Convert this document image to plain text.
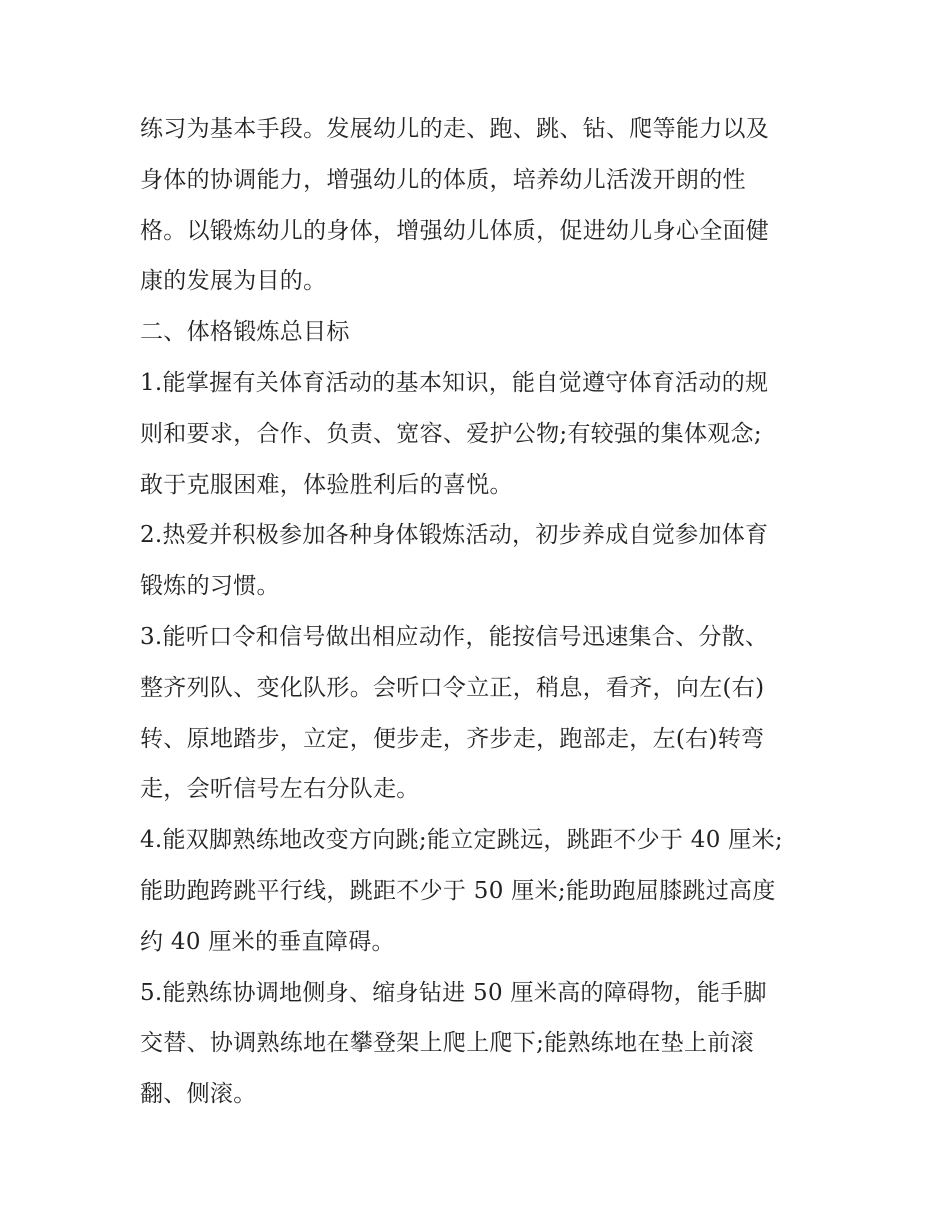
练习为基本手段。发展幼儿的走、跑、跳、钻、爬等能力以及
身体的协调能力，增强幼儿的体质，培养幼儿活泼开朗的性
格。以锻炼幼儿的身体，增强幼儿体质，促进幼儿身心全面健
康的发展为目的。
二、体格锻炼总目标
1.能掌握有关体育活动的基本知识，能自觉遵守体育活动的规
则和要求，合作、负责、宽容、爱护公物;有较强的集体观念;
敢于克服困难，体验胜利后的喜悦。
2.热爱并积极参加各种身体锻炼活动，初步养成自觉参加体育
锻炼的习惯。
3.能听口令和信号做出相应动作，能按信号迅速集合、分散、
整齐列队、变化队形。会听口令立正，稍息，看齐，向左(右)
转、原地踏步，立定，便步走，齐步走，跑部走，左(右)转弯
走，会听信号左右分队走。
4.能双脚熟练地改变方向跳;能立定跳远，跳距不少于 40 厘米;
能助跑跨跳平行线，跳距不少于 50 厘米;能助跑屈膝跳过高度
约 40 厘米的垂直障碍。
5.能熟练协调地侧身、缩身钻进 50 厘米高的障碍物，能手脚
交替、协调熟练地在攀登架上爬上爬下;能熟练地在垫上前滚
翻、侧滚。
